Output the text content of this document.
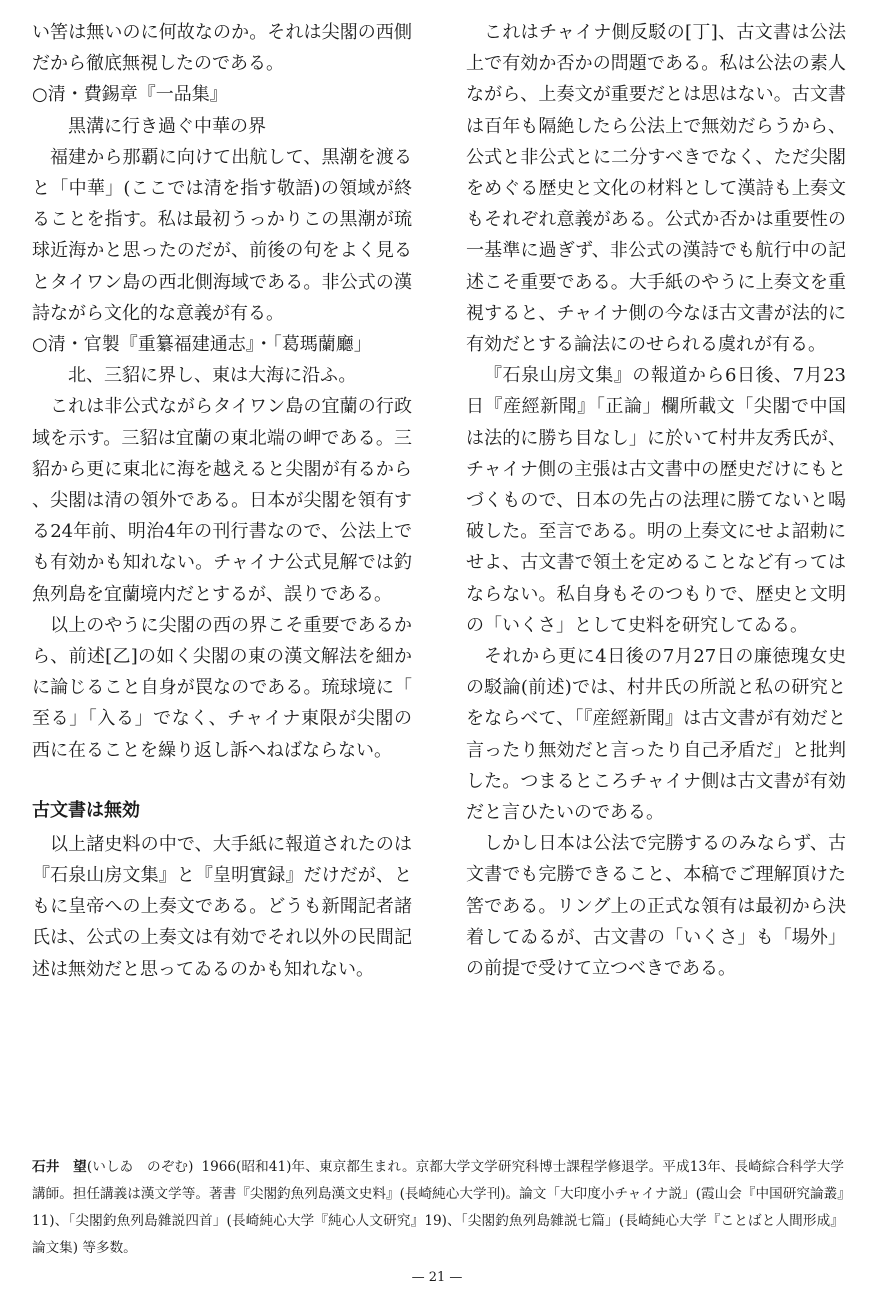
い筈は無いのに何故なのか。それは尖閣の西側だから徹底無視したのである。

○清・費錫章『一品集』

黒溝に行き過ぐ中華の界

福建から那覇に向けて出航して、黒潮を渡ると「中華」(ここでは清を指す敬語)の領域が終ることを指す。私は最初うっかりこの黒潮が琉球近海かと思ったのだが、前後の句をよく見るとタイワン島の西北側海域である。非公式の漢詩ながら文化的な意義が有る。

○清・官製『重纂福建通志』・「葛瑪蘭廳」

北、三貂に界し、東は大海に沿ふ。

これは非公式ながらタイワン島の宜蘭の行政域を示す。三貂は宜蘭の東北端の岬である。三貂から更に東北に海を越えると尖閣が有るから、尖閣は清の領外である。日本が尖閣を領有する24年前、明治4年の刊行書なので、公法上でも有効かも知れない。チャイナ公式見解では釣魚列島を宜蘭境内だとするが、誤りである。

以上のやうに尖閣の西の界こそ重要であるから、前述[乙]の如く尖閣の東の漢文解法を細かに論じること自身が罠なのである。琉球境に「至る」「入る」でなく、チャイナ東限が尖閣の西に在ることを繰り返し訴へねばならない。

古文書は無効

以上諸史料の中で、大手紙に報道されたのは『石泉山房文集』と『皇明實録』だけだが、ともに皇帝への上奏文である。どうも新聞記者諸氏は、公式の上奏文は有効でそれ以外の民間記述は無効だと思ってゐるのかも知れない。

これはチャイナ側反駁の[丁]、古文書は公法上で有効か否かの問題である。私は公法の素人ながら、上奏文が重要だとは思はない。古文書は百年も隔絶したら公法上で無効だらうから、公式と非公式とに二分すべきでなく、ただ尖閣をめぐる歴史と文化の材料として漢詩も上奏文もそれぞれ意義がある。公式か否かは重要性の一基準に過ぎず、非公式の漢詩でも航行中の記述こそ重要である。大手紙のやうに上奏文を重視すると、チャイナ側の今なほ古文書が法的に有効だとする論法にのせられる虞れが有る。

『石泉山房文集』の報道から6日後、7月23日『産經新聞』「正論」欄所載文「尖閣で中国は法的に勝ち目なし」に於いて村井友秀氏が、チャイナ側の主張は古文書中の歴史だけにもとづくもので、日本の先占の法理に勝てないと喝破した。至言である。明の上奏文にせよ詔勅にせよ、古文書で領土を定めることなど有ってはならない。私自身もそのつもりで、歴史と文明の「いくさ」として史料を研究してゐる。

それから更に4日後の7月27日の廉徳瑰女史の駁論(前述)では、村井氏の所説と私の研究とをならべて、「『産經新聞』は古文書が有効だと言ったり無効だと言ったり自己矛盾だ」と批判した。つまるところチャイナ側は古文書が有効だと言ひたいのである。

しかし日本は公法で完勝するのみならず、古文書でも完勝できること、本稿でご理解頂けた筈である。リング上の正式な領有は最初から決着してゐるが、古文書の「いくさ」も「場外」の前提で受けて立つべきである。

石井　望(いしゐ　のぞむ) 1966(昭和41)年、東京都生まれ。京都大学文学研究科博士課程学修退学。平成13年、長崎綜合科学大学講師。担任講義は漢文学等。著書『尖閣釣魚列島漢文史料』(長崎純心大学刊)。論文「大印度小チャイナ説」(霞山会『中国研究論叢』11)、「尖閣釣魚列島雜説四首」(長崎純心大学『純心人文研究』19)、「尖閣釣魚列島雜説七篇」(長崎純心大学『ことばと人間形成』論文集) 等多数。
— 21 —
